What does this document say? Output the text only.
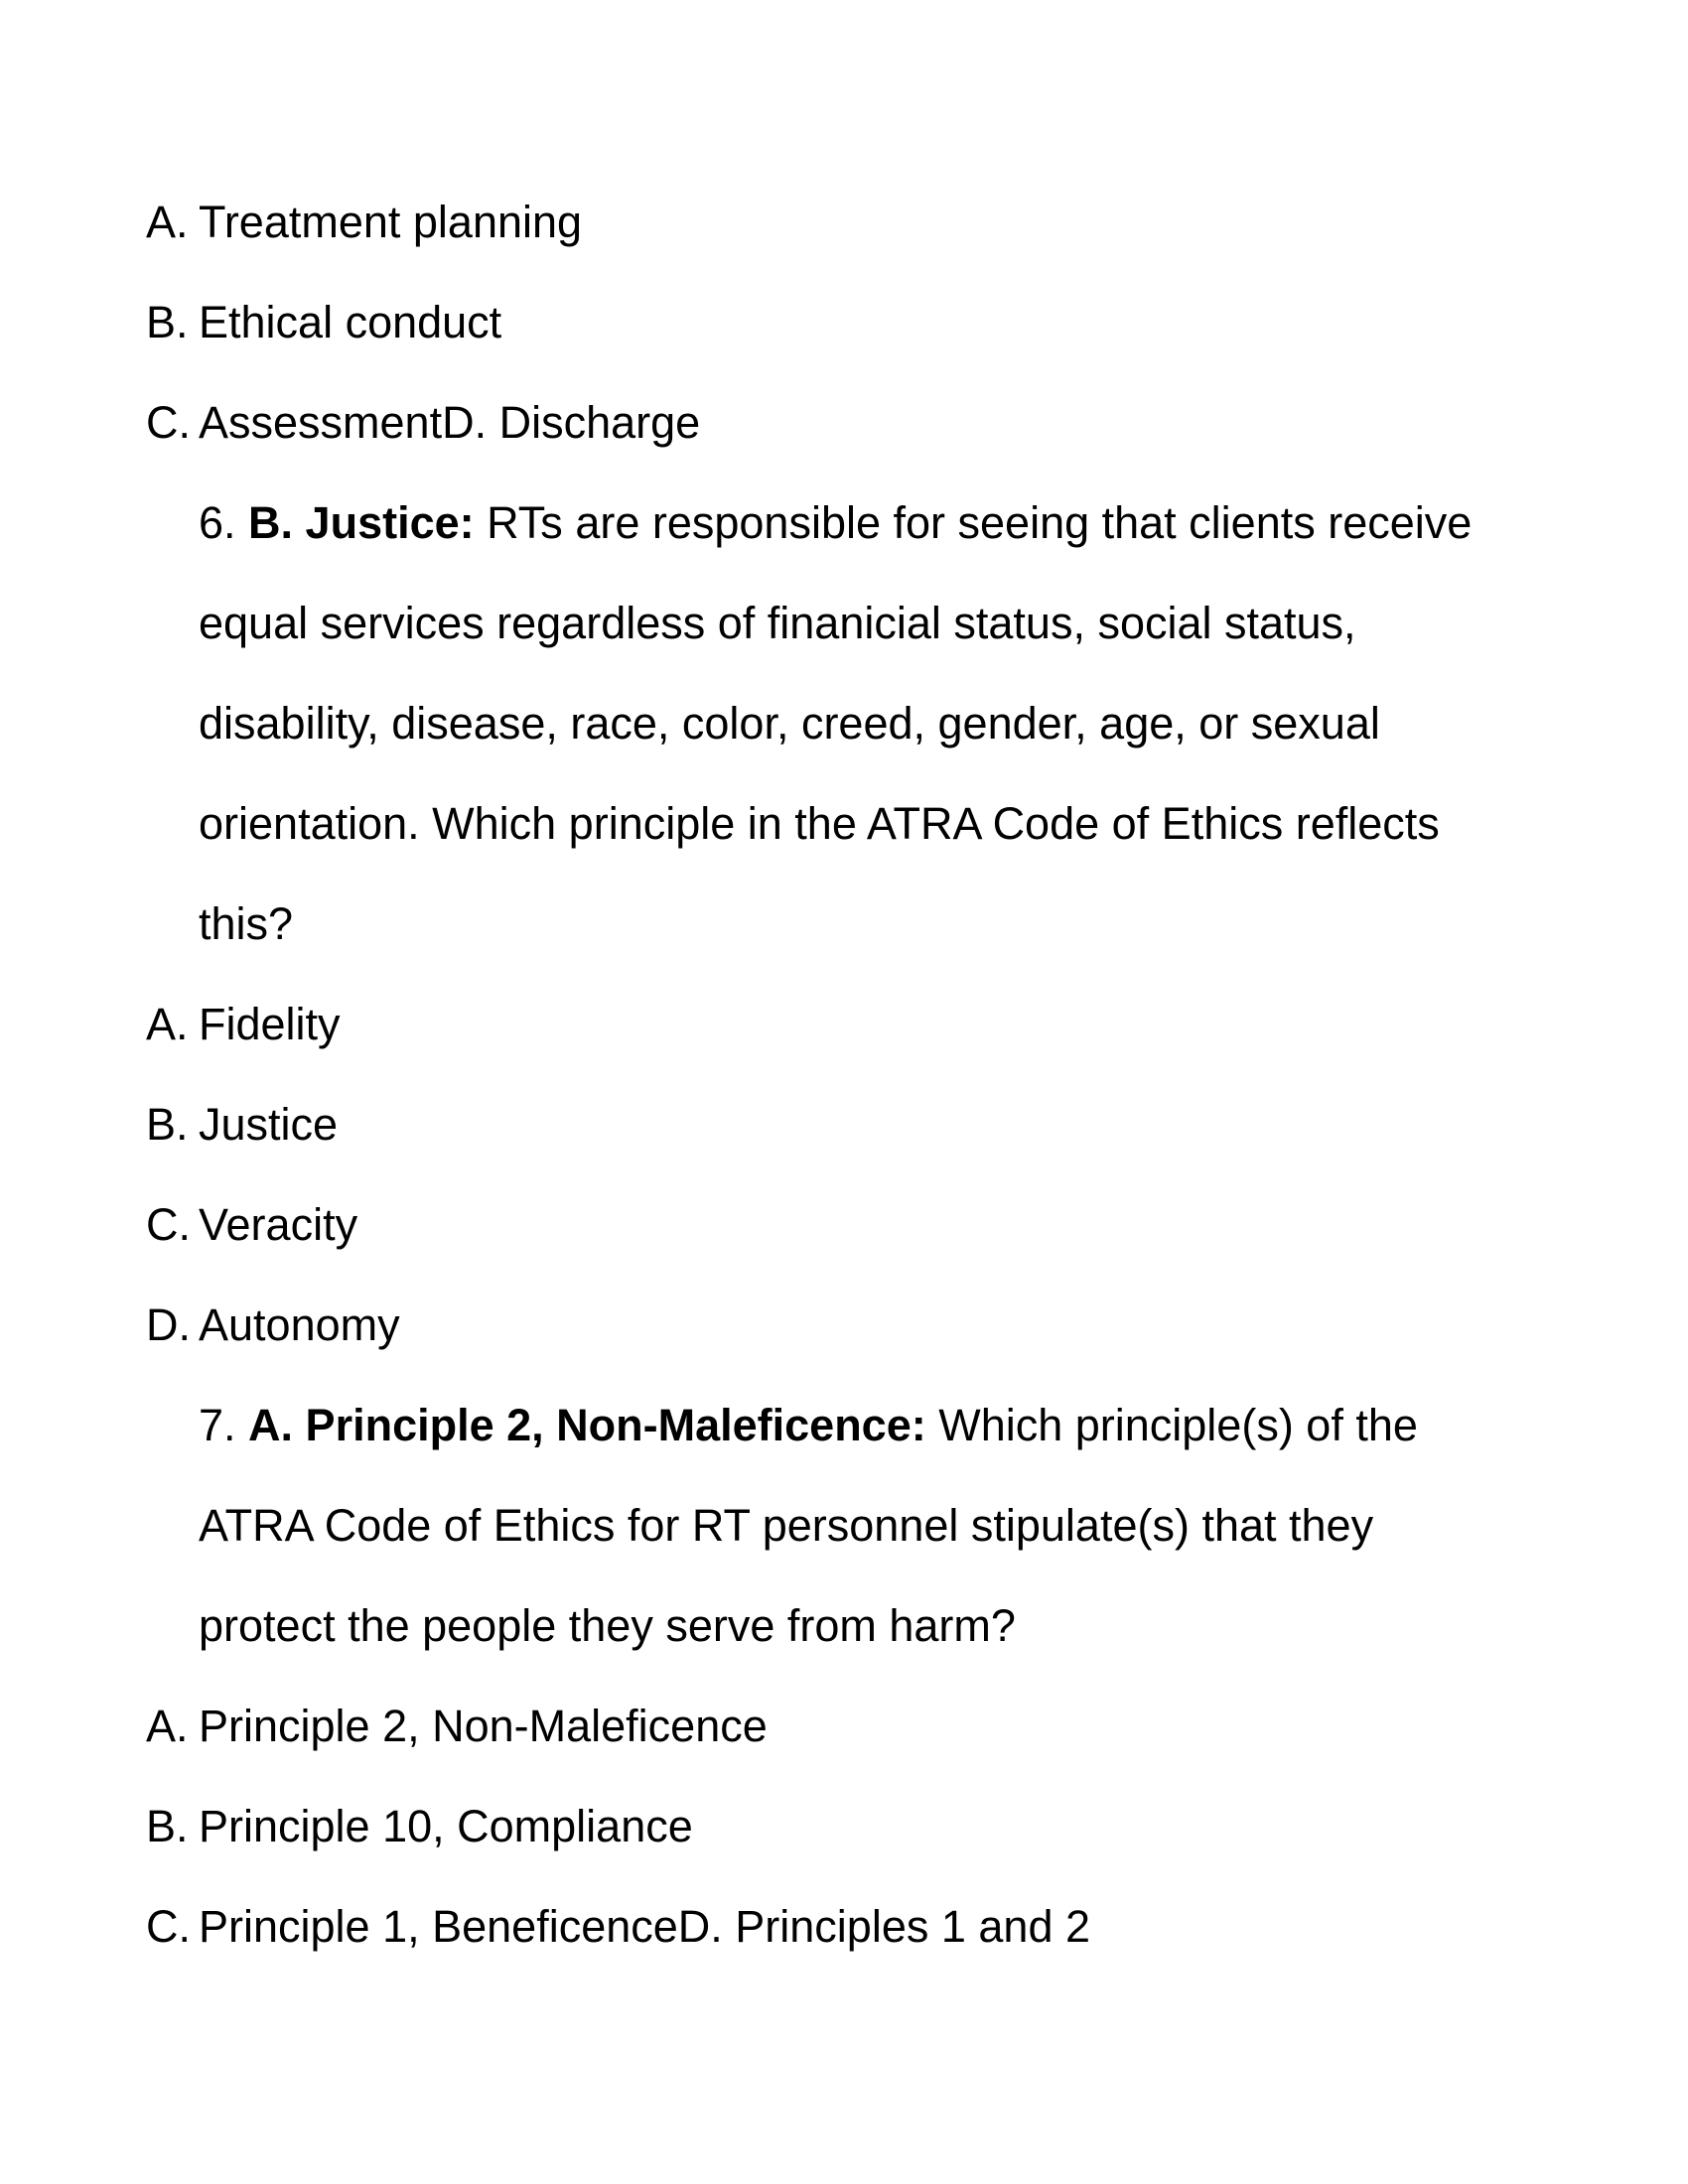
A. Treatment planning
B. Ethical conduct
C. AssessmentD. Discharge
6. B. Justice: RTs are responsible for seeing that clients receive
equal services regardless of finanicial status, social status,
disability, disease, race, color, creed, gender, age, or sexual
orientation. Which principle in the ATRA Code of Ethics reflects
this?
A. Fidelity
B. Justice
C. Veracity
D. Autonomy
7. A. Principle 2, Non-Maleficence: Which principle(s) of the
ATRA Code of Ethics for RT personnel stipulate(s) that they
protect the people they serve from harm?
A. Principle 2, Non-Maleficence
B. Principle 10, Compliance
C. Principle 1, BeneficenceD. Principles 1 and 2
